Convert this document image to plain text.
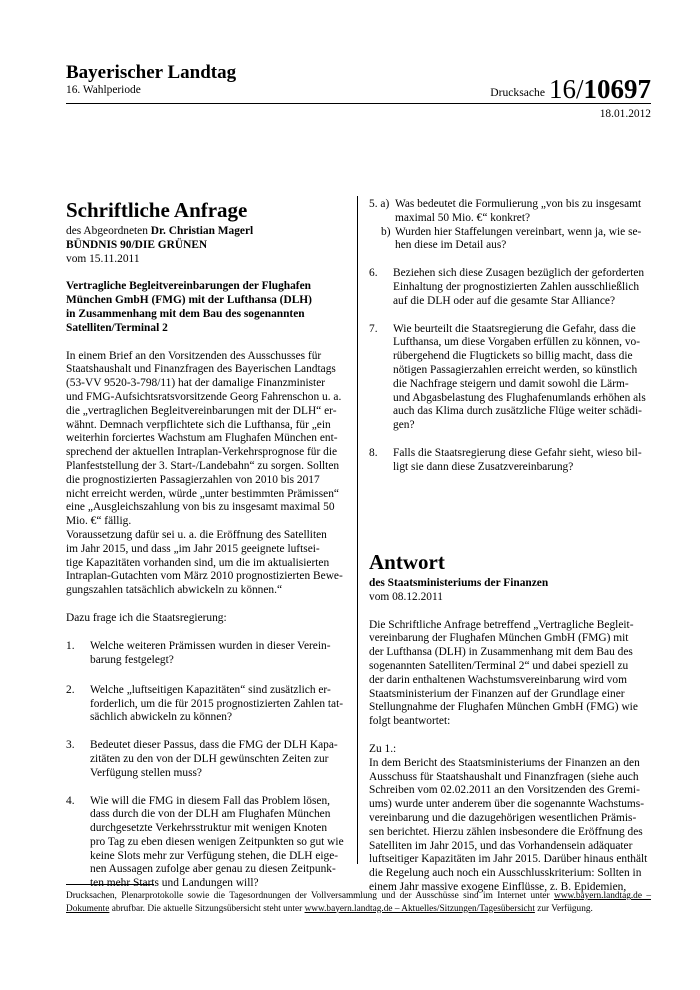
Bayerischer Landtag
16. Wahlperiode	Drucksache 16/10697
18.01.2012
Schriftliche Anfrage
des Abgeordneten Dr. Christian Magerl
BÜNDNIS 90/DIE GRÜNEN
vom 15.11.2011
Vertragliche Begleitvereinbarungen der Flughafen
München GmbH (FMG) mit der Lufthansa (DLH)
in Zusammenhang mit dem Bau des sogenannten
Satelliten/Terminal 2
In einem Brief an den Vorsitzenden des Ausschusses für
Staatshaushalt und Finanzfragen des Bayerischen Landtags
(53-VV 9520-3-798/11) hat der damalige Finanzminister
und FMG-Aufsichtsratsvorsitzende Georg Fahrenschon u. a.
die „vertraglichen Begleitvereinbarungen mit der DLH“ er-
wähnt. Demnach verpflichtete sich die Lufthansa, für „ein
weiterhin forciertes Wachstum am Flughafen München ent-
sprechend der aktuellen Intraplan-Verkehrsprognose für die
Planfeststellung der 3. Start-/Landebahn“ zu sorgen. Sollten
die prognostizierten Passagierzahlen von 2010 bis 2017
nicht erreicht werden, würde „unter bestimmten Prämissen“
eine „Ausgleichszahlung von bis zu insgesamt maximal 50
Mio. €“ fällig.
Voraussetzung dafür sei u. a. die Eröffnung des Satelliten
im Jahr 2015, und dass „im Jahr 2015 geeignete luftsei-
tige Kapazitäten vorhanden sind, um die im aktualisierten
Intraplan-Gutachten vom März 2010 prognostizierten Bewe-
gungszahlen tatsächlich abwickeln zu können.“
Dazu frage ich die Staatsregierung:
1. Welche weiteren Prämissen wurden in dieser Verein-
barung festgelegt?
2. Welche „luftseitigen Kapazitäten“ sind zusätzlich er-
forderlich, um die für 2015 prognostizierten Zahlen tat-
sächlich abwickeln zu können?
3. Bedeutet dieser Passus, dass die FMG der DLH Kapa-
zitäten zu den von der DLH gewünschten Zeiten zur
Verfügung stellen muss?
4. Wie will die FMG in diesem Fall das Problem lösen,
dass durch die von der DLH am Flughafen München
durchgesetzte Verkehrsstruktur mit wenigen Knoten
pro Tag zu eben diesen wenigen Zeitpunkten so gut wie
keine Slots mehr zur Verfügung stehen, die DLH eige-
nen Aussagen zufolge aber genau zu diesen Zeitpunk-
ten mehr Starts und Landungen will?
5. a) Was bedeutet die Formulierung „von bis zu insgesamt
maximal 50 Mio. €“ konkret?
b) Wurden hier Staffelungen vereinbart, wenn ja, wie se-
hen diese im Detail aus?
6. Beziehen sich diese Zusagen bezüglich der geforderten
Einhaltung der prognostizierten Zahlen ausschließlich
auf die DLH oder auf die gesamte Star Alliance?
7. Wie beurteilt die Staatsregierung die Gefahr, dass die
Lufthansa, um diese Vorgaben erfüllen zu können, vo-
rübergehend die Flugtickets so billig macht, dass die
nötigen Passagierzahlen erreicht werden, so künstlich
die Nachfrage steigern und damit sowohl die Lärm-
und Abgasbelastung des Flughafenumlands erhöhen als
auch das Klima durch zusätzliche Flüge weiter schädi-
gen?
8. Falls die Staatsregierung diese Gefahr sieht, wieso bil-
ligt sie dann diese Zusatzvereinbarung?
Antwort
des Staatsministeriums der Finanzen
vom 08.12.2011
Die Schriftliche Anfrage betreffend „Vertragliche Begleit-
vereinbarung der Flughafen München GmbH (FMG) mit
der Lufthansa (DLH) in Zusammenhang mit dem Bau des
sogenannten Satelliten/Terminal 2“ und dabei speziell zu
der darin enthaltenen Wachstumsvereinbarung wird vom
Staatsministerium der Finanzen auf der Grundlage einer
Stellungnahme der Flughafen München GmbH (FMG) wie
folgt beantwortet:
Zu 1.:
In dem Bericht des Staatsministeriums der Finanzen an den
Ausschuss für Staatshaushalt und Finanzfragen (siehe auch
Schreiben vom 02.02.2011 an den Vorsitzenden des Gremi-
ums) wurde unter anderem über die sogenannte Wachstums-
vereinbarung und die dazugehörigen wesentlichen Prämis-
sen berichtet. Hierzu zählen insbesondere die Eröffnung des
Satelliten im Jahr 2015, und das Vorhandensein adäquater
luftseitiger Kapazitäten im Jahr 2015. Darüber hinaus enthält
die Regelung auch noch ein Ausschlusskriterium: Sollten in
einem Jahr massive exogene Einflüsse, z. B. Epidemien,
Drucksachen, Plenarprotokolle sowie die Tagesordnungen der Vollversammlung und der Ausschüsse sind im Internet unter www.bayern.landtag.de – Dokumente abrufbar. Die aktuelle Sitzungsübersicht steht unter www.bayern.landtag.de – Aktuelles/Sitzungen/Tagesübersicht zur Verfügung.
